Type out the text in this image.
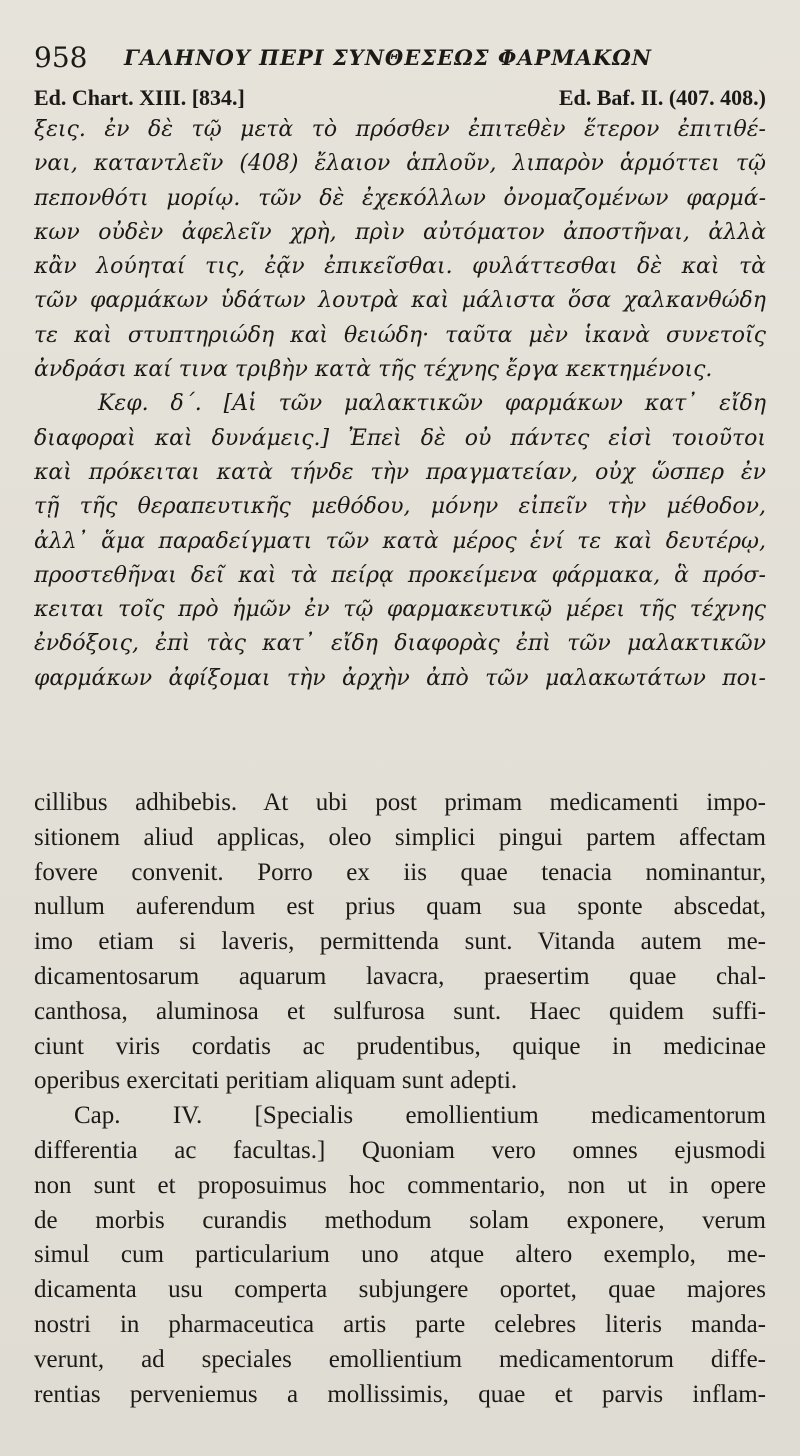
958 ΓΑΛΗΝΟΥ ΠΕΡΙ ΣΥΝΘΕΣΕΩΣ ΦΑΡΜΑΚΩΝ
Ed. Chart. XIII. [834.]	Ed. Baf. II. (407. 408.)
ξεις. ἐν δὲ τῷ μετὰ τὸ πρόσθεν ἐπιτεθὲν ἕτερον ἐπιτιθέ-
ναι, καταντλεῖν (408) ἔλαιον ἁπλοῦν, λιπαρὸν ἁρμόττει τῷ
πεπονθότι μορίῳ. τῶν δὲ ἐχεκόλλων ὀνομαζομένων φαρμά-
κων οὐδὲν ἀφελεῖν χρὴ, πρὶν αὐτόματον ἀποστῆναι, ἀλλὰ
κἂν λούηταί τις, ἐᾷν ἐπικεῖσθαι. φυλάττεσθαι δὲ καὶ τὰ
τῶν φαρμάκων ὑδάτων λουτρὰ καὶ μάλιστα ὅσα χαλκανθώδη
τε καὶ στυπτηριώδη καὶ θειώδη· ταῦτα μὲν ἱκανὰ συνετοῖς
ἀνδράσι καί τινα τριβὴν κατὰ τῆς τέχνης ἔργα κεκτημένοις.
Κεφ. δ΄. [Αἱ τῶν μαλακτικῶν φαρμάκων κατ᾽ εἴδη
διαφοραὶ καὶ δυνάμεις.] Ἐπεὶ δὲ οὐ πάντες εἰσὶ τοιοῦτοι
καὶ πρόκειται κατὰ τήνδε τὴν πραγματείαν, οὐχ ὥσπερ ἐν
τῇ τῆς θεραπευτικῆς μεθόδου, μόνην εἰπεῖν τὴν μέθοδον,
ἀλλ᾽ ἅμα παραδείγματι τῶν κατὰ μέρος ἑνί τε καὶ δευτέρῳ,
προστεθῆναι δεῖ καὶ τὰ πείρᾳ προκείμενα φάρμακα, ἃ πρόσ-
κειται τοῖς πρὸ ἡμῶν ἐν τῷ φαρμακευτικῷ μέρει τῆς τέχνης
ἐνδόξοις, ἐπὶ τὰς κατ᾽ εἴδη διαφορὰς ἐπὶ τῶν μαλακτικῶν
φαρμάκων ἀφίξομαι τὴν ἀρχὴν ἀπὸ τῶν μαλακωτάτων ποι-
cillibus adhibebis. At ubi post primam medicamenti impo-
sitionem aliud applicas, oleo simplici pingui partem affectam
fovere convenit. Porro ex iis quae tenacia nominantur,
nullum auferendum est prius quam sua sponte abscedat,
imo etiam si laveris, permittenda sunt. Vitanda autem me-
dicamentosarum aquarum lavacra, praesertim quae chal-
canthosa, aluminosa et sulfurosa sunt. Haec quidem suffi-
ciunt viris cordatis ac prudentibus, quique in medicinae
operibus exercitati peritiam aliquam sunt adepti.
Cap. IV. [Specialis emollientium medicamentorum
differentia ac facultas.] Quoniam vero omnes ejusmodi
non sunt et proposuimus hoc commentario, non ut in opere
de morbis curandis methodum solam exponere, verum
simul cum particularium uno atque altero exemplo, me-
dicamenta usu comperta subjungere oportet, quae majores
nostri in pharmaceutica artis parte celebres literis manda-
verunt, ad speciales emollientium medicamentorum diffe-
rentias perveniemus a mollissimis, quae et parvis inflam-
